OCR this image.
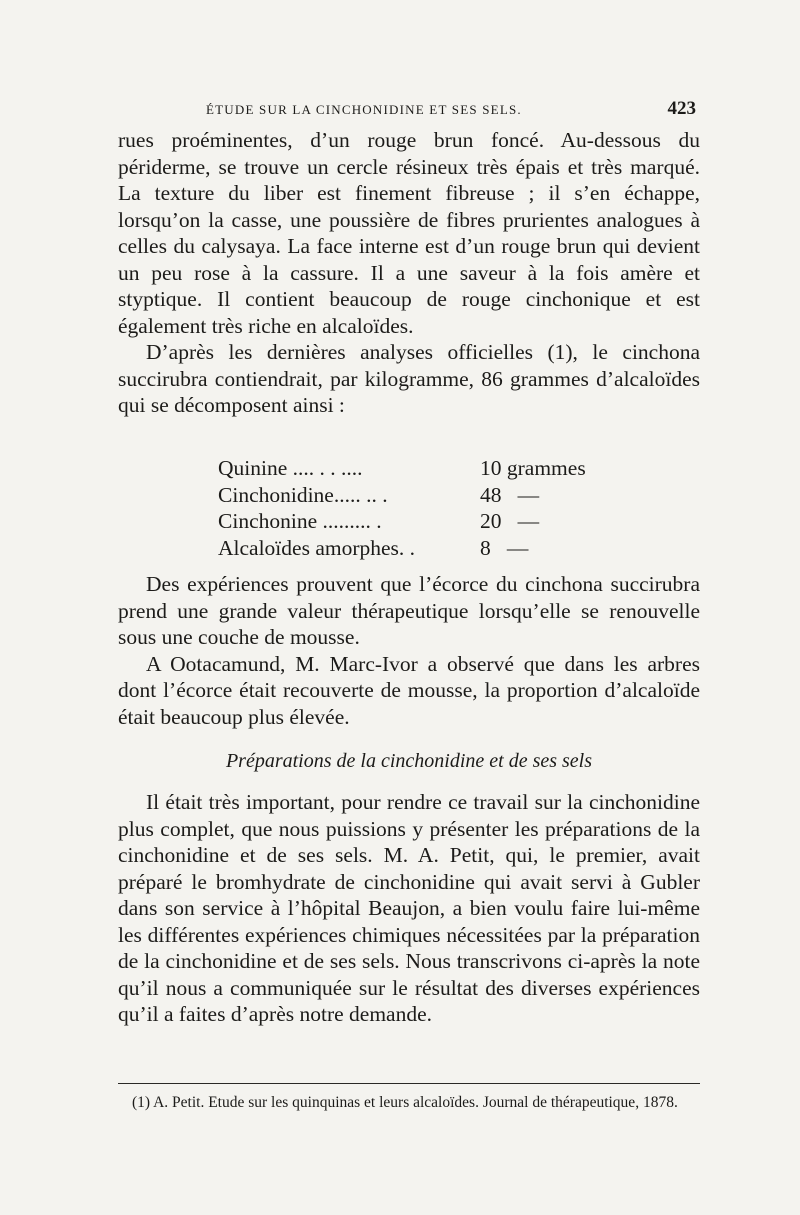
ÉTUDE SUR LA CINCHONIDINE ET SES SELS.	423

rues proéminentes, d’un rouge brun foncé. Au-dessous du périderme, se trouve un cercle résineux très épais et très marqué. La texture du liber est finement fibreuse ; il s’en échappe, lorsqu’on la casse, une poussière de fibres prurientes analogues à celles du calysaya. La face interne est d’un rouge brun qui devient un peu rose à la cassure. Il a une saveur à la fois amère et styptique. Il contient beaucoup de rouge cinchonique et est également très riche en alcaloïdes.

D’après les dernières analyses officielles (1), le cinchona succirubra contiendrait, par kilogramme, 86 grammes d’alcaloïdes qui se décomposent ainsi :

Quinine .... . . ....	10 grammes
Cinchonidine..... .. .	48   —
Cinchonine ......... .	20   —
Alcaloïdes amorphes. .	8   —

Des expériences prouvent que l’écorce du cinchona succirubra prend une grande valeur thérapeutique lorsqu’elle se renouvelle sous une couche de mousse.

A Ootacamund, M. Marc-Ivor a observé que dans les arbres dont l’écorce était recouverte de mousse, la proportion d’alcaloïde était beaucoup plus élevée.

Préparations de la cinchonidine et de ses sels

Il était très important, pour rendre ce travail sur la cinchonidine plus complet, que nous puissions y présenter les préparations de la cinchonidine et de ses sels. M. A. Petit, qui, le premier, avait préparé le bromhydrate de cinchonidine qui avait servi à Gubler dans son service à l’hôpital Beaujon, a bien voulu faire lui-même les différentes expériences chimiques nécessitées par la préparation de la cinchonidine et de ses sels. Nous transcrivons ci-après la note qu’il nous a communiquée sur le résultat des diverses expériences qu’il a faites d’après notre demande.

(1) A. Petit. Etude sur les quinquinas et leurs alcaloïdes. Journal de thérapeutique, 1878.
